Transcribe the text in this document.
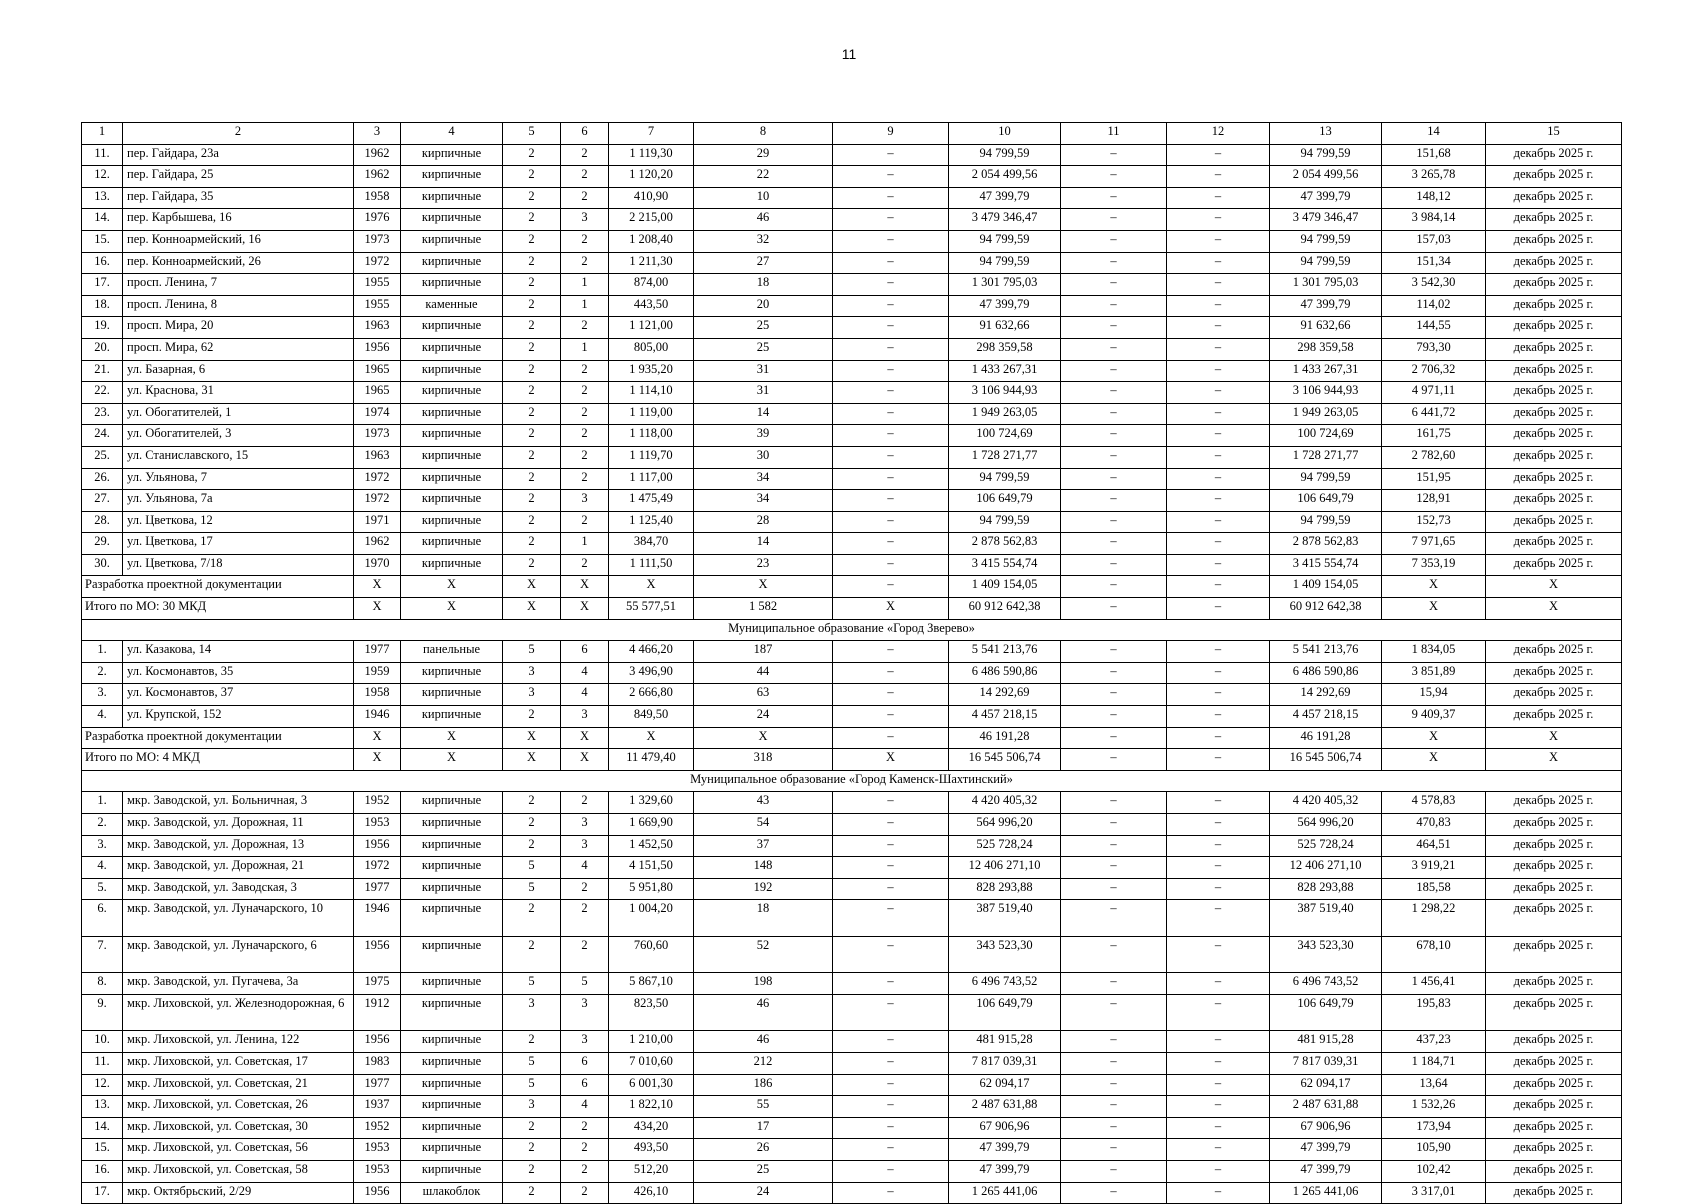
11
1	2	3	4	5	6	7	8	9	10	11	12	13	14	15
11.	пер. Гайдара, 23а	1962	кирпичные	2	2	1 119,30	29	–	94 799,59	–	–	94 799,59	151,68	декабрь 2025 г.
12.	пер. Гайдара, 25	1962	кирпичные	2	2	1 120,20	22	–	2 054 499,56	–	–	2 054 499,56	3 265,78	декабрь 2025 г.
13.	пер. Гайдара, 35	1958	кирпичные	2	2	410,90	10	–	47 399,79	–	–	47 399,79	148,12	декабрь 2025 г.
14.	пер. Карбышева, 16	1976	кирпичные	2	3	2 215,00	46	–	3 479 346,47	–	–	3 479 346,47	3 984,14	декабрь 2025 г.
15.	пер. Конноармейский, 16	1973	кирпичные	2	2	1 208,40	32	–	94 799,59	–	–	94 799,59	157,03	декабрь 2025 г.
16.	пер. Конноармейский, 26	1972	кирпичные	2	2	1 211,30	27	–	94 799,59	–	–	94 799,59	151,34	декабрь 2025 г.
17.	просп. Ленина, 7	1955	кирпичные	2	1	874,00	18	–	1 301 795,03	–	–	1 301 795,03	3 542,30	декабрь 2025 г.
18.	просп. Ленина, 8	1955	каменные	2	1	443,50	20	–	47 399,79	–	–	47 399,79	114,02	декабрь 2025 г.
19.	просп. Мира, 20	1963	кирпичные	2	2	1 121,00	25	–	91 632,66	–	–	91 632,66	144,55	декабрь 2025 г.
20.	просп. Мира, 62	1956	кирпичные	2	1	805,00	25	–	298 359,58	–	–	298 359,58	793,30	декабрь 2025 г.
21.	ул. Базарная, 6	1965	кирпичные	2	2	1 935,20	31	–	1 433 267,31	–	–	1 433 267,31	2 706,32	декабрь 2025 г.
22.	ул. Краснова, 31	1965	кирпичные	2	2	1 114,10	31	–	3 106 944,93	–	–	3 106 944,93	4 971,11	декабрь 2025 г.
23.	ул. Обогатителей, 1	1974	кирпичные	2	2	1 119,00	14	–	1 949 263,05	–	–	1 949 263,05	6 441,72	декабрь 2025 г.
24.	ул. Обогатителей, 3	1973	кирпичные	2	2	1 118,00	39	–	100 724,69	–	–	100 724,69	161,75	декабрь 2025 г.
25.	ул. Станиславского, 15	1963	кирпичные	2	2	1 119,70	30	–	1 728 271,77	–	–	1 728 271,77	2 782,60	декабрь 2025 г.
26.	ул. Ульянова, 7	1972	кирпичные	2	2	1 117,00	34	–	94 799,59	–	–	94 799,59	151,95	декабрь 2025 г.
27.	ул. Ульянова, 7а	1972	кирпичные	2	3	1 475,49	34	–	106 649,79	–	–	106 649,79	128,91	декабрь 2025 г.
28.	ул. Цветкова, 12	1971	кирпичные	2	2	1 125,40	28	–	94 799,59	–	–	94 799,59	152,73	декабрь 2025 г.
29.	ул. Цветкова, 17	1962	кирпичные	2	1	384,70	14	–	2 878 562,83	–	–	2 878 562,83	7 971,65	декабрь 2025 г.
30.	ул. Цветкова, 7/18	1970	кирпичные	2	2	1 111,50	23	–	3 415 554,74	–	–	3 415 554,74	7 353,19	декабрь 2025 г.
Разработка проектной документации		X	X	X	X	X	X	–	1 409 154,05	–	–	1 409 154,05	X	X
Итого по МО: 30 МКД		X	X	X	X	55 577,51	1 582	X	60 912 642,38	–	–	60 912 642,38	X	X
Муниципальное образование «Город Зверево»														
1.	ул. Казакова, 14	1977	панельные	5	6	4 466,20	187	–	5 541 213,76	–	–	5 541 213,76	1 834,05	декабрь 2025 г.
2.	ул. Космонавтов, 35	1959	кирпичные	3	4	3 496,90	44	–	6 486 590,86	–	–	6 486 590,86	3 851,89	декабрь 2025 г.
3.	ул. Космонавтов, 37	1958	кирпичные	3	4	2 666,80	63	–	14 292,69	–	–	14 292,69	15,94	декабрь 2025 г.
4.	ул. Крупской, 152	1946	кирпичные	2	3	849,50	24	–	4 457 218,15	–	–	4 457 218,15	9 409,37	декабрь 2025 г.
Разработка проектной документации		X	X	X	X	X	X	–	46 191,28	–	–	46 191,28	X	X
Итого по МО: 4 МКД		X	X	X	X	11 479,40	318	X	16 545 506,74	–	–	16 545 506,74	X	X
Муниципальное образование «Город Каменск-Шахтинский»														
1.	мкр. Заводской, ул. Больничная, 3	1952	кирпичные	2	2	1 329,60	43	–	4 420 405,32	–	–	4 420 405,32	4 578,83	декабрь 2025 г.
2.	мкр. Заводской, ул. Дорожная, 11	1953	кирпичные	2	3	1 669,90	54	–	564 996,20	–	–	564 996,20	470,83	декабрь 2025 г.
3.	мкр. Заводской, ул. Дорожная, 13	1956	кирпичные	2	3	1 452,50	37	–	525 728,24	–	–	525 728,24	464,51	декабрь 2025 г.
4.	мкр. Заводской, ул. Дорожная, 21	1972	кирпичные	5	4	4 151,50	148	–	12 406 271,10	–	–	12 406 271,10	3 919,21	декабрь 2025 г.
5.	мкр. Заводской, ул. Заводская, 3	1977	кирпичные	5	2	5 951,80	192	–	828 293,88	–	–	828 293,88	185,58	декабрь 2025 г.
6.	мкр. Заводской, ул. Луначарского, 10	1946	кирпичные	2	2	1 004,20	18	–	387 519,40	–	–	387 519,40	1 298,22	декабрь 2025 г.
7.	мкр. Заводской, ул. Луначарского, 6	1956	кирпичные	2	2	760,60	52	–	343 523,30	–	–	343 523,30	678,10	декабрь 2025 г.
8.	мкр. Заводской, ул. Пугачева, 3а	1975	кирпичные	5	5	5 867,10	198	–	6 496 743,52	–	–	6 496 743,52	1 456,41	декабрь 2025 г.
9.	мкр. Лиховской, ул. Железнодорожная, 6	1912	кирпичные	3	3	823,50	46	–	106 649,79	–	–	106 649,79	195,83	декабрь 2025 г.
10.	мкр. Лиховской, ул. Ленина, 122	1956	кирпичные	2	3	1 210,00	46	–	481 915,28	–	–	481 915,28	437,23	декабрь 2025 г.
11.	мкр. Лиховской, ул. Советская, 17	1983	кирпичные	5	6	7 010,60	212	–	7 817 039,31	–	–	7 817 039,31	1 184,71	декабрь 2025 г.
12.	мкр. Лиховской, ул. Советская, 21	1977	кирпичные	5	6	6 001,30	186	–	62 094,17	–	–	62 094,17	13,64	декабрь 2025 г.
13.	мкр. Лиховской, ул. Советская, 26	1937	кирпичные	3	4	1 822,10	55	–	2 487 631,88	–	–	2 487 631,88	1 532,26	декабрь 2025 г.
14.	мкр. Лиховской, ул. Советская, 30	1952	кирпичные	2	2	434,20	17	–	67 906,96	–	–	67 906,96	173,94	декабрь 2025 г.
15.	мкр. Лиховской, ул. Советская, 56	1953	кирпичные	2	2	493,50	26	–	47 399,79	–	–	47 399,79	105,90	декабрь 2025 г.
16.	мкр. Лиховской, ул. Советская, 58	1953	кирпичные	2	2	512,20	25	–	47 399,79	–	–	47 399,79	102,42	декабрь 2025 г.
17.	мкр. Октябрьский, 2/29	1956	шлакоблок	2	2	426,10	24	–	1 265 441,06	–	–	1 265 441,06	3 317,01	декабрь 2025 г.
